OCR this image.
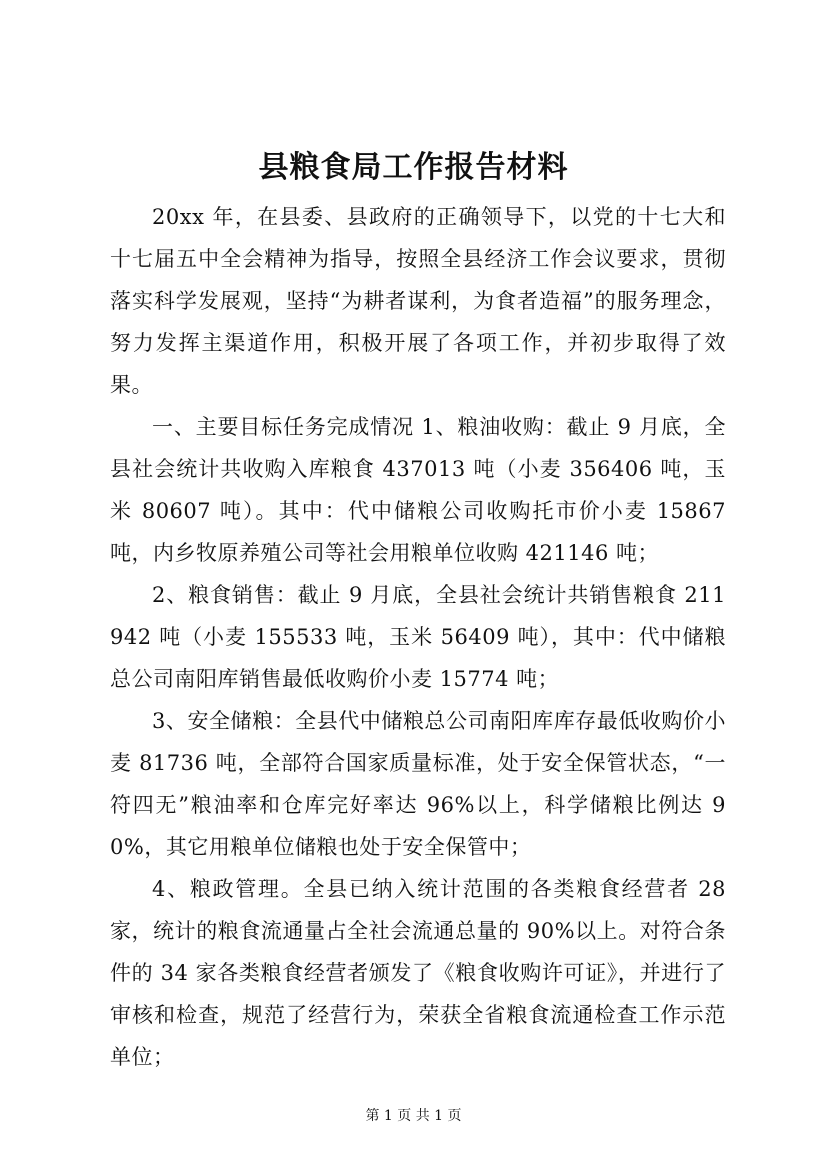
县粮食局工作报告材料

20xx 年，在县委、县政府的正确领导下，以党的十七大和十七届五中全会精神为指导，按照全县经济工作会议要求，贯彻落实科学发展观，坚持“为耕者谋利，为食者造福”的服务理念，努力发挥主渠道作用，积极开展了各项工作，并初步取得了效果。

一、主要目标任务完成情况 1、粮油收购：截止 9 月底，全县社会统计共收购入库粮食 437013 吨（小麦 356406 吨，玉米 80607 吨）。其中：代中储粮公司收购托市价小麦 15867 吨，内乡牧原养殖公司等社会用粮单位收购 421146 吨；

2、粮食销售：截止 9 月底，全县社会统计共销售粮食 211942 吨（小麦 155533 吨，玉米 56409 吨），其中：代中储粮总公司南阳库销售最低收购价小麦 15774 吨；

3、安全储粮：全县代中储粮总公司南阳库库存最低收购价小麦 81736 吨，全部符合国家质量标准，处于安全保管状态，“一符四无”粮油率和仓库完好率达 96%以上，科学储粮比例达 90%，其它用粮单位储粮也处于安全保管中；

4、粮政管理。全县已纳入统计范围的各类粮食经营者 28 家，统计的粮食流通量占全社会流通总量的 90%以上。对符合条件的 34 家各类粮食经营者颁发了《粮食收购许可证》，并进行了审核和检查，规范了经营行为，荣获全省粮食流通检查工作示范单位；

第 1 页 共 1 页
